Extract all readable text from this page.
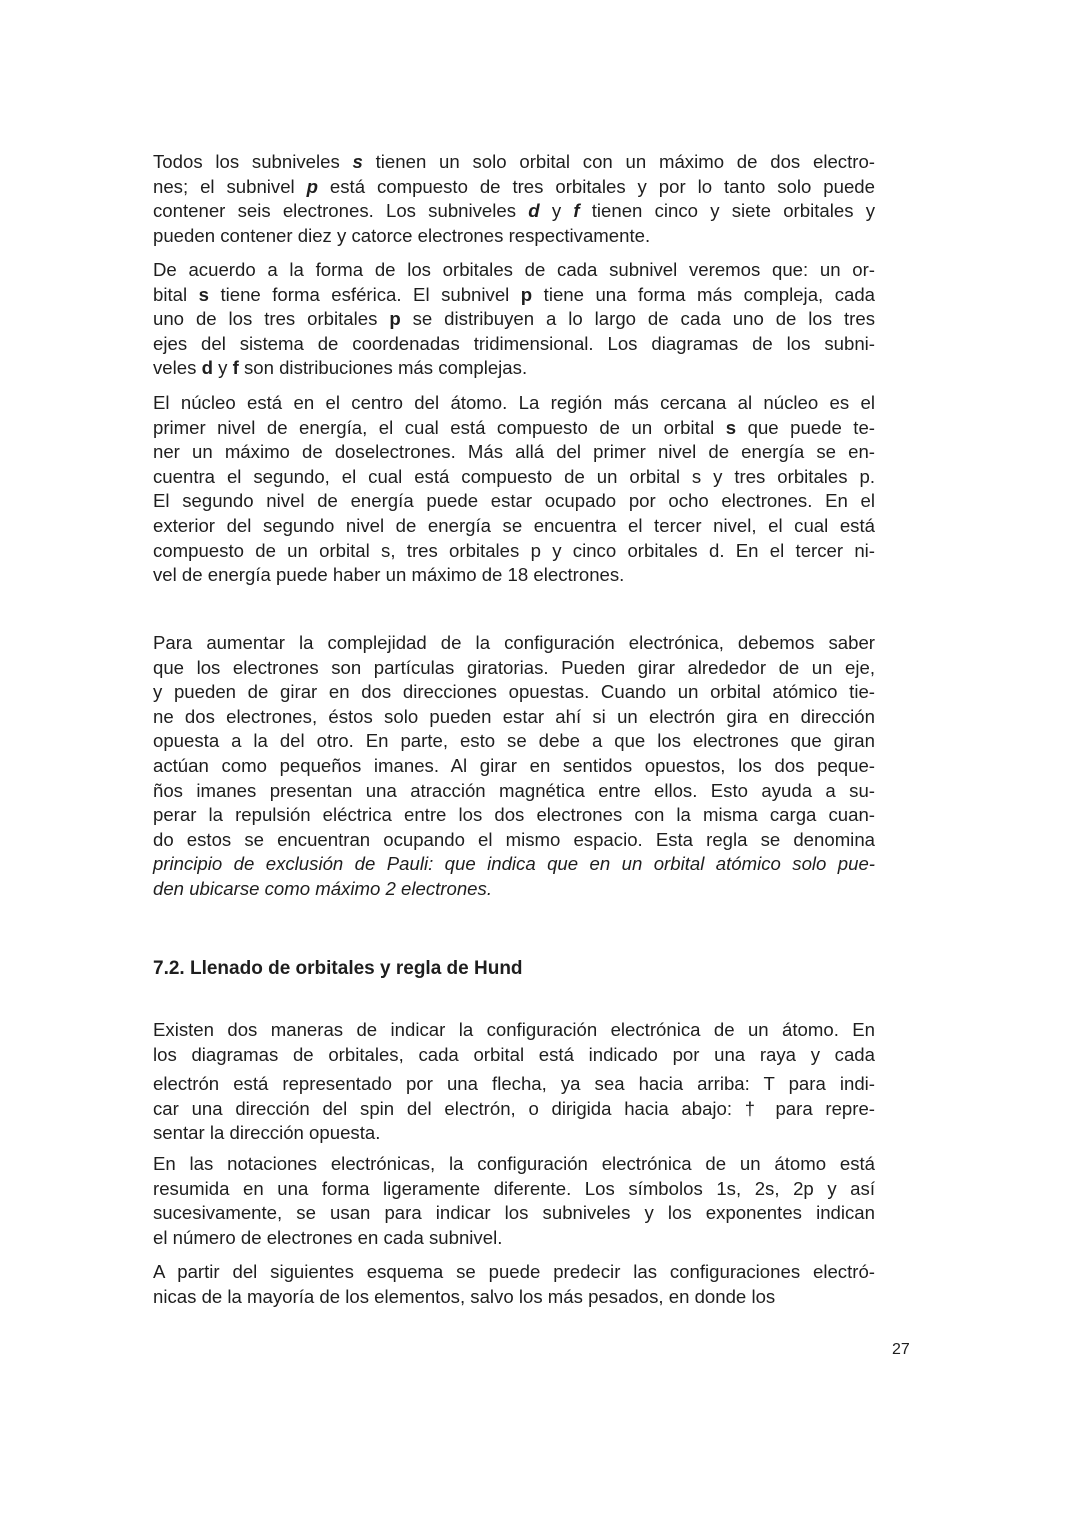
Todos los subniveles s tienen un solo orbital con un máximo de dos electro-
nes; el subnivel p está compuesto de tres orbitales y por lo tanto solo puede
contener seis electrones. Los subniveles d y f tienen cinco y siete orbitales y
pueden contener diez y catorce electrones respectivamente.
De acuerdo a la forma de los orbitales de cada subnivel veremos que: un or-
bital s tiene forma esférica. El subnivel p tiene una forma más compleja, cada
uno de los tres orbitales p se distribuyen a lo largo de cada uno de los tres
ejes del sistema de coordenadas tridimensional. Los diagramas de los subni-
veles d y f son distribuciones más complejas.
El núcleo está en el centro del átomo. La región más cercana al núcleo es el
primer nivel de energía, el cual está compuesto de un orbital s que puede te-
ner un máximo de doselectrones. Más allá del primer nivel de energía se en-
cuentra el segundo, el cual está compuesto de un orbital s y tres orbitales p.
El segundo nivel de energía puede estar ocupado por ocho electrones. En el
exterior del segundo nivel de energía se encuentra el tercer nivel, el cual está
compuesto de un orbital s, tres orbitales p y cinco orbitales d. En el tercer ni-
vel de energía puede haber un máximo de 18 electrones.
Para aumentar la complejidad de la configuración electrónica, debemos saber
que los electrones son partículas giratorias. Pueden girar alrededor de un eje,
y pueden de girar en dos direcciones opuestas. Cuando un orbital atómico tie-
ne dos electrones, éstos solo pueden estar ahí si un electrón gira en dirección
opuesta a la del otro. En parte, esto se debe a que los electrones que giran
actúan como pequeños imanes. Al girar en sentidos opuestos, los dos peque-
ños imanes presentan una atracción magnética entre ellos. Esto ayuda a su-
perar la repulsión eléctrica entre los dos electrones con la misma carga cuan-
do estos se encuentran ocupando el mismo espacio. Esta regla se denomina
principio de exclusión de Pauli: que indica que en un orbital atómico solo pue-
den ubicarse como máximo 2 electrones.
7.2. Llenado de orbitales y regla de Hund
Existen dos maneras de indicar la configuración electrónica de un átomo. En
los diagramas de orbitales, cada orbital está indicado por una raya y cada
electrón está representado por una flecha, ya sea hacia arriba: T para indi-
car una dirección del spin del electrón, o dirigida hacia abajo: † para repre-
sentar la dirección opuesta.
En las notaciones electrónicas, la configuración electrónica de un átomo está
resumida en una forma ligeramente diferente. Los símbolos 1s, 2s, 2p y así
sucesivamente, se usan para indicar los subniveles y los exponentes indican
el número de electrones en cada subnivel.
A partir del siguientes esquema se puede predecir las configuraciones electró-
nicas de la mayoría de los elementos, salvo los más pesados, en donde los
27
